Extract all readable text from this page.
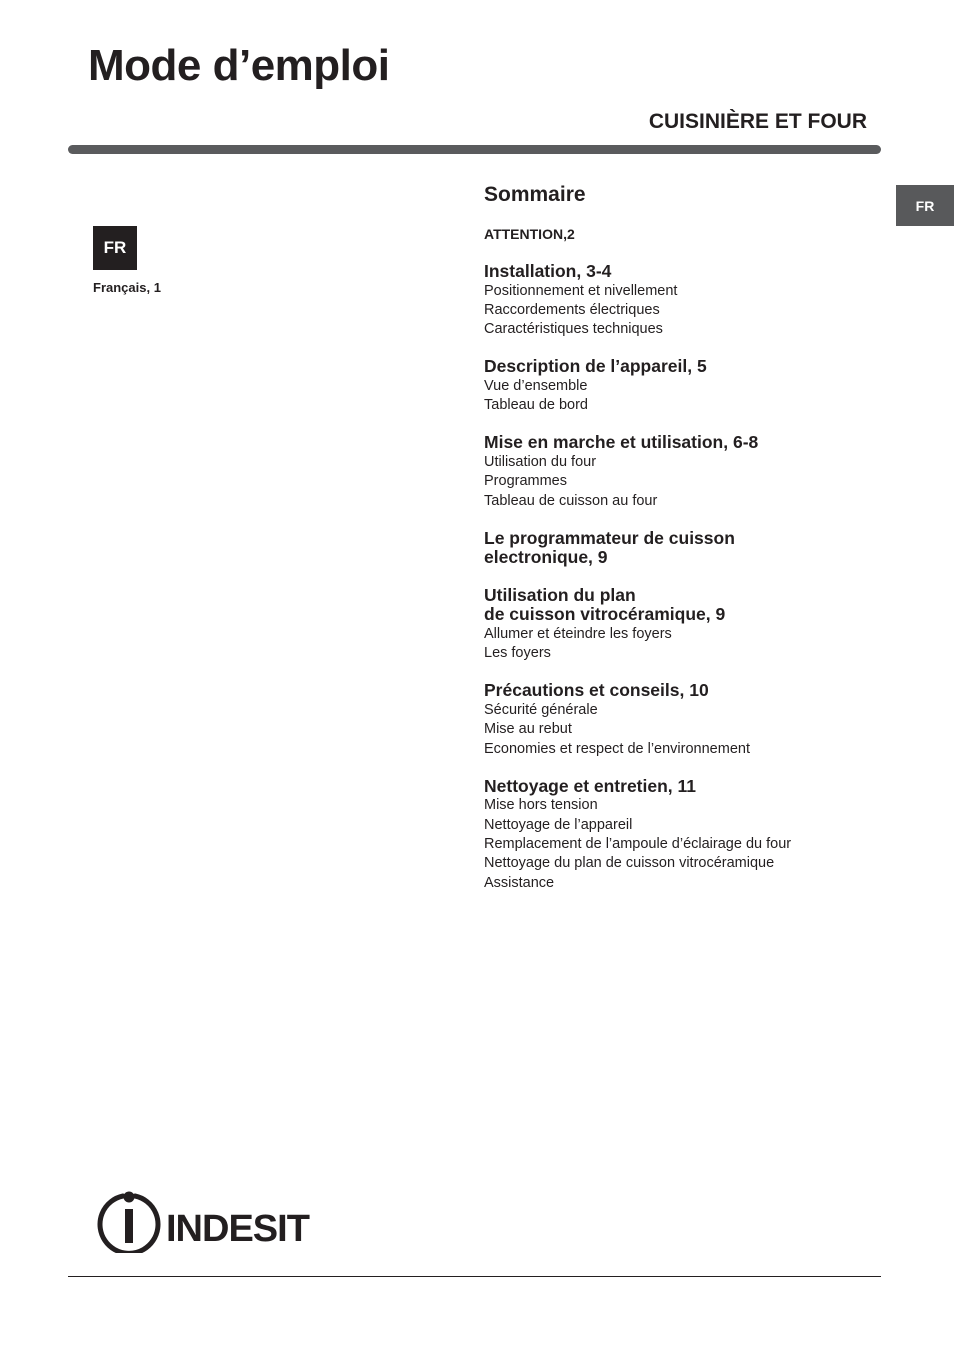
Mode d’emploi
CUISINIÈRE ET FOUR
FR
FR
Français, 1
Sommaire
ATTENTION,2
Installation, 3-4
Positionnement et nivellement
Raccordements électriques
Caractéristiques techniques
Description de l’appareil, 5
Vue d’ensemble
Tableau de bord
Mise en marche et utilisation, 6-8
Utilisation du four
Programmes
Tableau de cuisson au four
Le programmateur de cuisson
electronique, 9
Utilisation du plan
de cuisson vitrocéramique, 9
Allumer et éteindre les foyers
Les foyers
Précautions et conseils, 10
Sécurité générale
Mise au rebut
Economies et respect de l’environnement
Nettoyage et entretien, 11
Mise hors tension
Nettoyage de l’appareil
Remplacement de l’ampoule d’éclairage du four
Nettoyage du plan de cuisson vitrocéramique
Assistance
INDESIT
